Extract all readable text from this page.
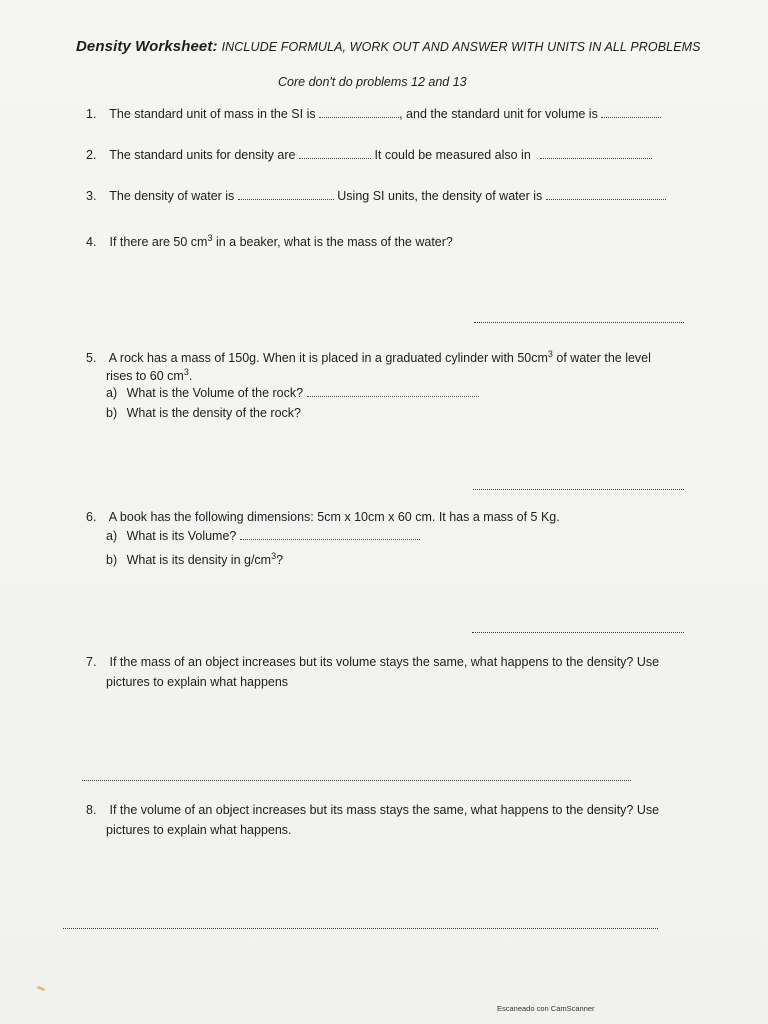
Density Worksheet: INCLUDE FORMULA, WORK OUT AND ANSWER WITH UNITS IN ALL PROBLEMS
Core don't do problems 12 and 13
1. The standard unit of mass in the SI is	, and the standard unit for volume is
2. The standard units for density are	It could be measured also in
3. The density of water is	Using SI units, the density of water is
4. If there are 50 $cm^3$ in a beaker, what is the mass of the water?
5. A rock has a mass of 150g. When it is placed in a graduated cylinder with $50cm^3$ of water the level
rises to 60 $cm^3$.
a) What is the Volume of the rock?
b) What is the density of the rock?
6. A book has the following dimensions: 5cm x 10cm x 60 cm. It has a mass of 5 Kg.
a) What is its Volume?
b) What is its density in $g/cm^3$?
7. If the mass of an object increases but its volume stays the same, what happens to the density? Use
pictures to explain what happens
8. If the volume of an object increases but its mass stays the same, what happens to the density? Use
pictures to explain what happens.
Escaneado con CamScanner
